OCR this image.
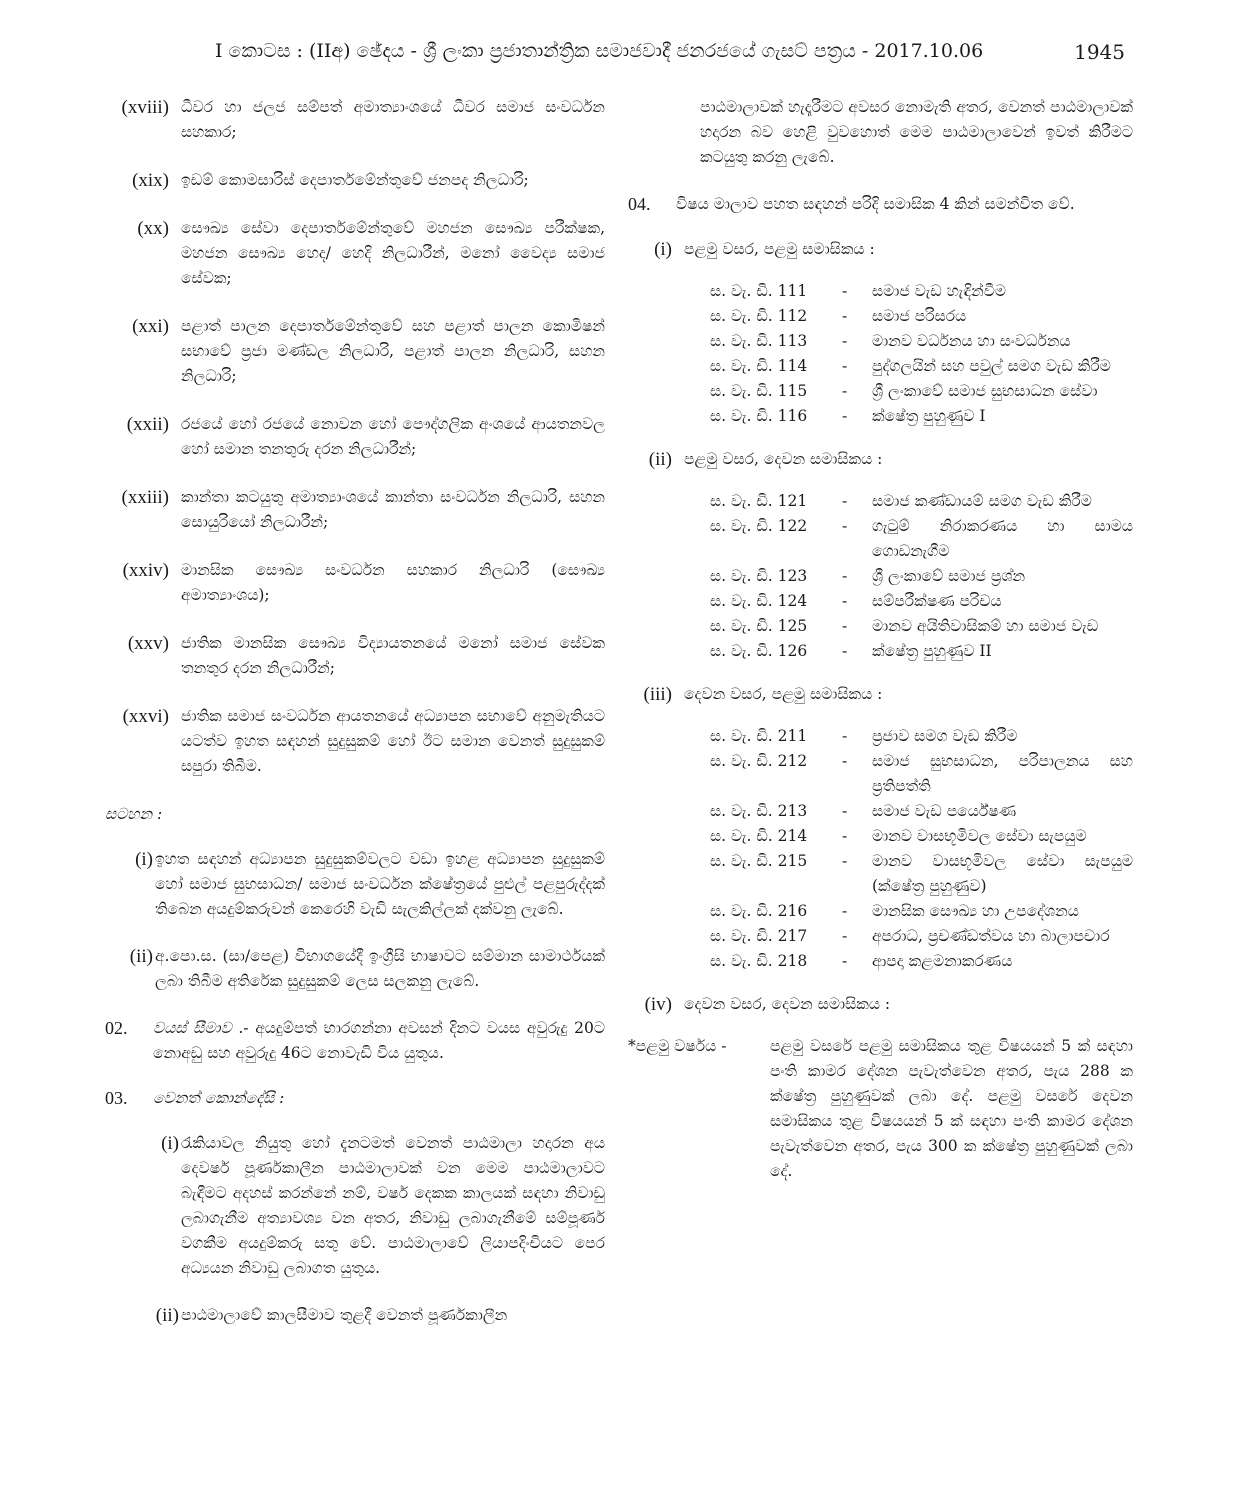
I කොටස : (IIඅ) ඡේදය - ශ්‍රී ලංකා ප්‍රජාතාන්ත්‍රික සමාජවාදී ජනරජයේ ගැසට් පත්‍රය - 2017.10.06	1945
(xviii) ධීවර හා ජලජ සම්පත් අමාත්‍යාංශයේ ධීවර සමාජ සංවර්ධන සහකාර;
(xix) ඉඩම් කොමසාරිස් දෙපාර්තමේන්තුවේ ජනපද නිලධාරි;
(xx) සෞඛ්‍ය සේවා දෙපාර්තමේන්තුවේ මහජන සෞඛ්‍ය පරීක්ෂක, මහජන සෞඛ්‍ය හෙද/ හෙදි නිලධාරීන්, මනෝ වෛද්‍ය සමාජ සේවක;
(xxi) පළාත් පාලන දෙපාර්තමේන්තුවේ සහ පළාත් පාලන කොමිෂන් සභාවේ ප්‍රජා මණ්ඩල නිලධාරි, පළාත් පාලන නිලධාරි, සහන නිලධාරි;
(xxii) රජයේ හෝ රජයේ නොවන හෝ පෞද්ගලික අංශයේ ආයතනවල හෝ සමාන තනතුරු දරන නිලධාරීන්;
(xxiii) කාන්තා කටයුතු අමාත්‍යාංශයේ කාන්තා සංවර්ධන නිලධාරි, සහන සොයුරියෝ නිලධාරීන්;
(xxiv) මානසික සෞඛ්‍ය සංවර්ධන සහකාර නිලධාරි (සෞඛ්‍ය අමාත්‍යාංශය);
(xxv) ජාතික මානසික සෞඛ්‍ය විද්‍යායතනයේ මනෝ සමාජ සේවක තනතුර දරන නිලධාරීන්;
(xxvi) ජාතික සමාජ සංවර්ධන ආයතනයේ අධ්‍යාපන සභාවේ අනුමැතියට යටත්ව ඉහත සඳහන් සුදුසුකම් හෝ ඊට සමාන වෙනත් සුදුසුකම් සපුරා තිබීම.
සටහන :
(i) ඉහත සඳහන් අධ්‍යාපන සුදුසුකම්වලට වඩා ඉහළ අධ්‍යාපන සුදුසුකම් හෝ සමාජ සුභසාධන/ සමාජ සංවර්ධන ක්ෂේත්‍රයේ පුළුල් පළපුරුද්දක් තිබෙන අයදුම්කරුවන් කෙරෙහි වැඩි සැලකිල්ලක් දක්වනු ලැබේ.
(ii) අ.පො.ස. (සා/පෙළ) විභාගයේදී ඉංග්‍රීසි භාෂාවට සම්මාන සාමාර්ථයක් ලබා තිබීම අතිරේක සුදුසුකම් ලෙස සලකනු ලැබේ.
02. වයස් සීමාව .- අයදුම්පත් භාරගන්නා අවසන් දිනට වයස අවුරුදු 20ට නොඅඩු සහ අවුරුදු 46ට නොවැඩි විය යුතුය.
03. වෙනත් කොන්දේසි :
(i) රැකියාවල නියුතු හෝ දැනටමත් වෙනත් පාඨමාලා හදාරන අය දෙවර්ෂ පූර්ණකාලීන පාඨමාලාවක් වන මෙම පාඨමාලාවට බැඳීමට අදහස් කරන්නේ නම්, වර්ෂ දෙකක කාලයක් සඳහා නිවාඩු ලබාගැනීම අත්‍යාවශ්‍ය වන අතර, නිවාඩු ලබාගැනීමේ සම්පූර්ණ වගකීම අයදුම්කරු සතු වේ. පාඨමාලාවේ ලියාපදිංචියට පෙර අධ්‍යයන නිවාඩු ලබාගත යුතුය.
(ii) පාඨමාලාවේ කාලසීමාව තුළදී වෙනත් පූර්ණකාලීන
පාඨමාලාවක් හැදෑරීමට අවසර නොමැති අතර, වෙනත් පාඨමාලාවක් හදාරන බව හෙළි වුවහොත් මෙම පාඨමාලාවෙන් ඉවත් කිරීමට කටයුතු කරනු ලැබේ.
04. විෂය මාලාව පහත සඳහන් පරිදි සමාසික 4 කින් සමන්විත වේ.
(i) පළමු වසර, පළමු සමාසිකය :
ස. වැ. ඩි. 111 - සමාජ වැඩ හැඳින්වීම
ස. වැ. ඩි. 112 - සමාජ පරිසරය
ස. වැ. ඩි. 113 - මානව වර්ධනය හා සංවර්ධනය
ස. වැ. ඩි. 114 - පුද්ගලයින් සහ පවුල් සමග වැඩ කිරීම
ස. වැ. ඩි. 115 - ශ්‍රී ලංකාවේ සමාජ සුභසාධන සේවා
ස. වැ. ඩි. 116 - ක්ෂේත්‍ර පුහුණුව I
(ii) පළමු වසර, දෙවන සමාසිකය :
ස. වැ. ඩි. 121 - සමාජ කණ්ඩායම් සමග වැඩ කිරීම
ස. වැ. ඩි. 122 - ගැටුම් නිරාකරණය හා සාමය ගොඩනැගීම
ස. වැ. ඩි. 123 - ශ්‍රී ලංකාවේ සමාජ ප්‍රශ්න
ස. වැ. ඩි. 124 - සම්පරීක්ෂණ පරිචය
ස. වැ. ඩි. 125 - මානව අයිතිවාසිකම් හා සමාජ වැඩ
ස. වැ. ඩි. 126 - ක්ෂේත්‍ර පුහුණුව II
(iii) දෙවන වසර, පළමු සමාසිකය :
ස. වැ. ඩි. 211 - ප්‍රජාව සමග වැඩ කිරීම
ස. වැ. ඩි. 212 - සමාජ සුභසාධන, පරිපාලනය සහ ප්‍රතිපත්ති
ස. වැ. ඩි. 213 - සමාජ වැඩ පර්යේෂණ
ස. වැ. ඩි. 214 - මානව වාසභූමිවල සේවා සැපයුම
ස. වැ. ඩි. 215 - මානව වාසභූමිවල සේවා සැපයුම (ක්ෂේත්‍ර පුහුණුව)
ස. වැ. ඩි. 216 - මානසික සෞඛ්‍ය හා උපදේශනය
ස. වැ. ඩි. 217 - අපරාධ, ප්‍රචණ්ඩත්වය හා බාලාපචාර
ස. වැ. ඩි. 218 - ආපදා කළමනාකරණය
(iv) දෙවන වසර, දෙවන සමාසිකය :
*පළමු වර්ෂය -	පළමු වසරේ පළමු සමාසිකය තුළ විෂයයන් 5 ක් සඳහා පංති කාමර දේශන පැවැත්වෙන අතර, පැය 288 ක ක්ෂේත්‍ර පුහුණුවක් ලබා දේ. පළමු වසරේ දෙවන සමාසිකය තුළ විෂයයන් 5 ක් සඳහා පංති කාමර දේශන පැවැත්වෙන අතර, පැය 300 ක ක්ෂේත්‍ර පුහුණුවක් ලබා දේ.
